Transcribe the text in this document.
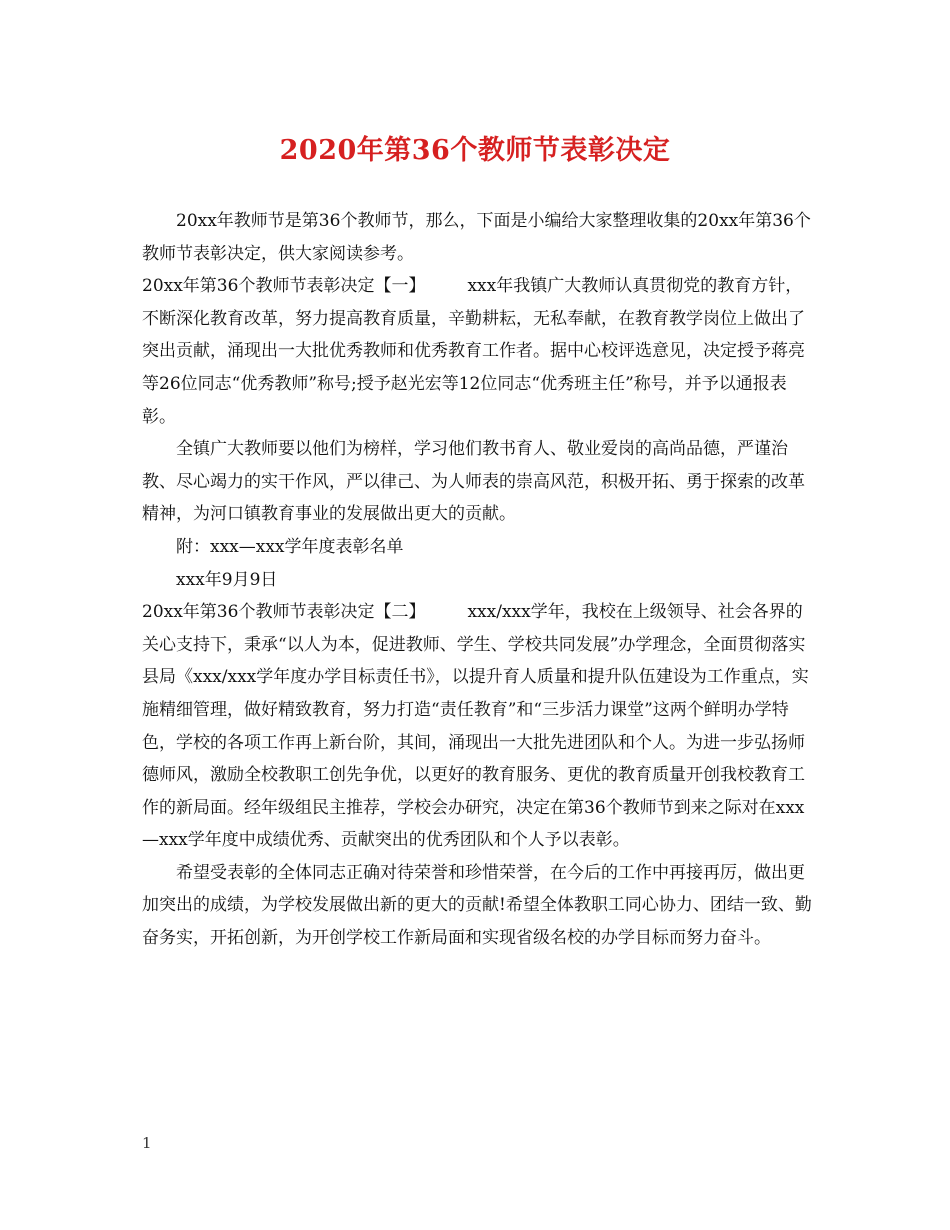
2020年第36个教师节表彰决定

20xx年教师节是第36个教师节，那么，下面是小编给大家整理收集的20xx年第36个教师节表彰决定，供大家阅读参考。

20xx年第36个教师节表彰决定【一】 xxx年我镇广大教师认真贯彻党的教育方针，不断深化教育改革，努力提高教育质量，辛勤耕耘，无私奉献，在教育教学岗位上做出了突出贡献，涌现出一大批优秀教师和优秀教育工作者。据中心校评选意见，决定授予蒋亮等26位同志“优秀教师”称号;授予赵光宏等12位同志“优秀班主任”称号，并予以通报表彰。

全镇广大教师要以他们为榜样，学习他们教书育人、敬业爱岗的高尚品德，严谨治教、尽心竭力的实干作风，严以律己、为人师表的崇高风范，积极开拓、勇于探索的改革精神，为河口镇教育事业的发展做出更大的贡献。

附：xxx—xxx学年度表彰名单

xxx年9月9日

20xx年第36个教师节表彰决定【二】 xxx/xxx学年，我校在上级领导、社会各界的关心支持下，秉承“以人为本，促进教师、学生、学校共同发展”办学理念，全面贯彻落实县局《xxx/xxx学年度办学目标责任书》，以提升育人质量和提升队伍建设为工作重点，实施精细管理，做好精致教育，努力打造“责任教育”和“三步活力课堂”这两个鲜明办学特色，学校的各项工作再上新台阶，其间，涌现出一大批先进团队和个人。为进一步弘扬师德师风，激励全校教职工创先争优，以更好的教育服务、更优的教育质量开创我校教育工作的新局面。经年级组民主推荐，学校会办研究，决定在第36个教师节到来之际对在xxx—xxx学年度中成绩优秀、贡献突出的优秀团队和个人予以表彰。

希望受表彰的全体同志正确对待荣誉和珍惜荣誉，在今后的工作中再接再厉，做出更加突出的成绩，为学校发展做出新的更大的贡献!希望全体教职工同心协力、团结一致、勤奋务实，开拓创新，为开创学校工作新局面和实现省级名校的办学目标而努力奋斗。

1
